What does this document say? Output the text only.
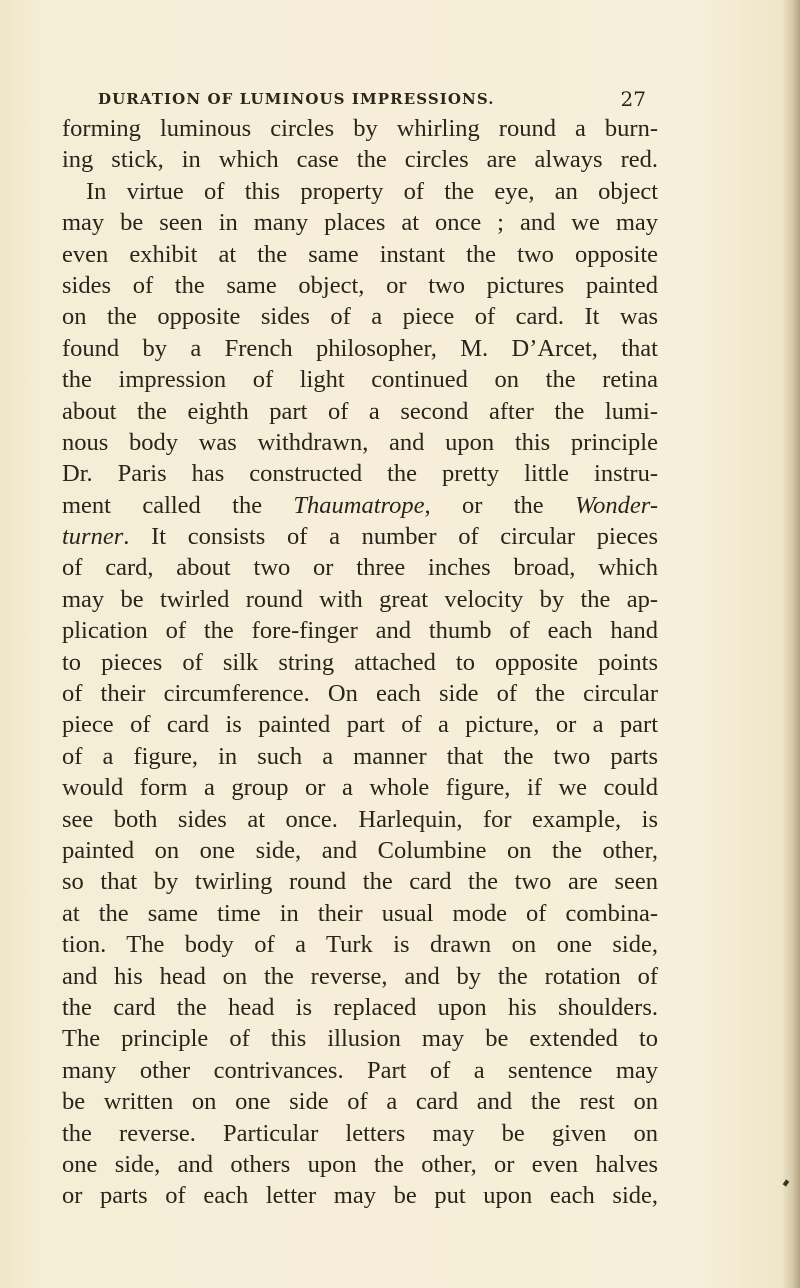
DURATION OF LUMINOUS IMPRESSIONS.	27
forming luminous circles by whirling round a burn-
ing stick, in which case the circles are always red.
In virtue of this property of the eye, an object
may be seen in many places at once ; and we may
even exhibit at the same instant the two opposite
sides of the same object, or two pictures painted
on the opposite sides of a piece of card. It was
found by a French philosopher, M. D’Arcet, that
the impression of light continued on the retina
about the eighth part of a second after the lumi-
nous body was withdrawn, and upon this principle
Dr. Paris has constructed the pretty little instru-
ment called the Thaumatrope, or the Wonder-
turner. It consists of a number of circular pieces
of card, about two or three inches broad, which
may be twirled round with great velocity by the ap-
plication of the fore-finger and thumb of each hand
to pieces of silk string attached to opposite points
of their circumference. On each side of the circular
piece of card is painted part of a picture, or a part
of a figure, in such a manner that the two parts
would form a group or a whole figure, if we could
see both sides at once. Harlequin, for example, is
painted on one side, and Columbine on the other,
so that by twirling round the card the two are seen
at the same time in their usual mode of combina-
tion. The body of a Turk is drawn on one side,
and his head on the reverse, and by the rotation of
the card the head is replaced upon his shoulders.
The principle of this illusion may be extended to
many other contrivances. Part of a sentence may
be written on one side of a card and the rest on
the reverse. Particular letters may be given on
one side, and others upon the other, or even halves
or parts of each letter may be put upon each side,
